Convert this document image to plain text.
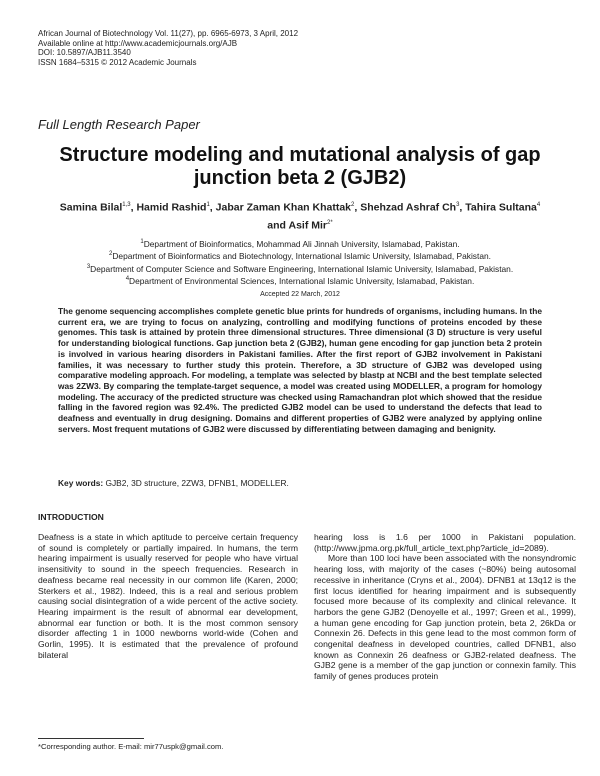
African Journal of Biotechnology Vol. 11(27), pp. 6965-6973, 3 April, 2012
Available online at http://www.academicjournals.org/AJB
DOI: 10.5897/AJB11.3540
ISSN 1684–5315 © 2012 Academic Journals
Full Length Research Paper
Structure modeling and mutational analysis of gap junction beta 2 (GJB2)
Samina Bilal$^{1,3}$, Hamid Rashid$^1$, Jabar Zaman Khan Khattak$^2$, Shehzad Ashraf Ch$^3$, Tahira Sultana$^4$ and Asif Mir$^{2*}$
$^1$Department of Bioinformatics, Mohammad Ali Jinnah University, Islamabad, Pakistan.
$^2$Department of Bioinformatics and Biotechnology, International Islamic University, Islamabad, Pakistan.
$^3$Department of Computer Science and Software Engineering, International Islamic University, Islamabad, Pakistan.
$^4$Department of Environmental Sciences, International Islamic University, Islamabad, Pakistan.
Accepted 22 March, 2012
The genome sequencing accomplishes complete genetic blue prints for hundreds of organisms, including humans. In the current era, we are trying to focus on analyzing, controlling and modifying functions of proteins encoded by these genomes. This task is attained by protein three dimensional structures. Three dimensional (3 D) structure is very useful for understanding biological functions. Gap junction beta 2 (GJB2), human gene encoding for gap junction beta 2 protein is involved in various hearing disorders in Pakistani families. After the first report of GJB2 involvement in Pakistani families, it was necessary to further study this protein. Therefore, a 3D structure of GJB2 was developed using comparative modeling approach. For modeling, a template was selected by blastp at NCBI and the best template selected was 2ZW3. By comparing the template-target sequence, a model was created using MODELLER, a program for homology modeling. The accuracy of the predicted structure was checked using Ramachandran plot which showed that the residue falling in the favored region was 92.4%. The predicted GJB2 model can be used to understand the defects that lead to deafness and eventually in drug designing. Domains and different properties of GJB2 were analyzed by applying online servers. Most frequent mutations of GJB2 were discussed by differentiating between damaging and benignity.
Key words: GJB2, 3D structure, 2ZW3, DFNB1, MODELLER.
INTRODUCTION

Deafness is a state in which aptitude to perceive certain frequency of sound is completely or partially impaired. In humans, the term hearing impairment is usually reserved for people who have virtual insensitivity to sound in the speech frequencies. Research in deafness became real necessity in our common life (Karen, 2000; Sterkers et al., 1982). Indeed, this is a real and serious problem causing social disintegration of a wide percent of the active society. Hearing impairment is the result of abnormal ear development, abnormal ear function or both. It is the most common sensory disorder affecting 1 in 1000 newborns world-wide (Cohen and Gorlin, 1995). It is estimated that the prevalence of profound bilateral

hearing loss is 1.6 per 1000 in Pakistani population. (http://www.jpma.org.pk/full_article_text.php?article_id=2089).

More than 100 loci have been associated with the nonsyndromic hearing loss, with majority of the cases (~80%) being autosomal recessive in inheritance (Cryns et al., 2004). DFNB1 at 13q12 is the first locus identified for hearing impairment and is subsequently focused more because of its complexity and clinical relevance. It harbors the gene GJB2 (Denoyelle et al., 1997; Green et al., 1999), a human gene encoding for Gap junction protein, beta 2, 26kDa or Connexin 26. Defects in this gene lead to the most common form of congenital deafness in developed countries, called DFNB1, also known as Connexin 26 deafness or GJB2-related deafness. The GJB2 gene is a member of the gap junction or connexin family. This family of genes produces protein

*Corresponding author. E-mail: mir77uspk@gmail.com.
